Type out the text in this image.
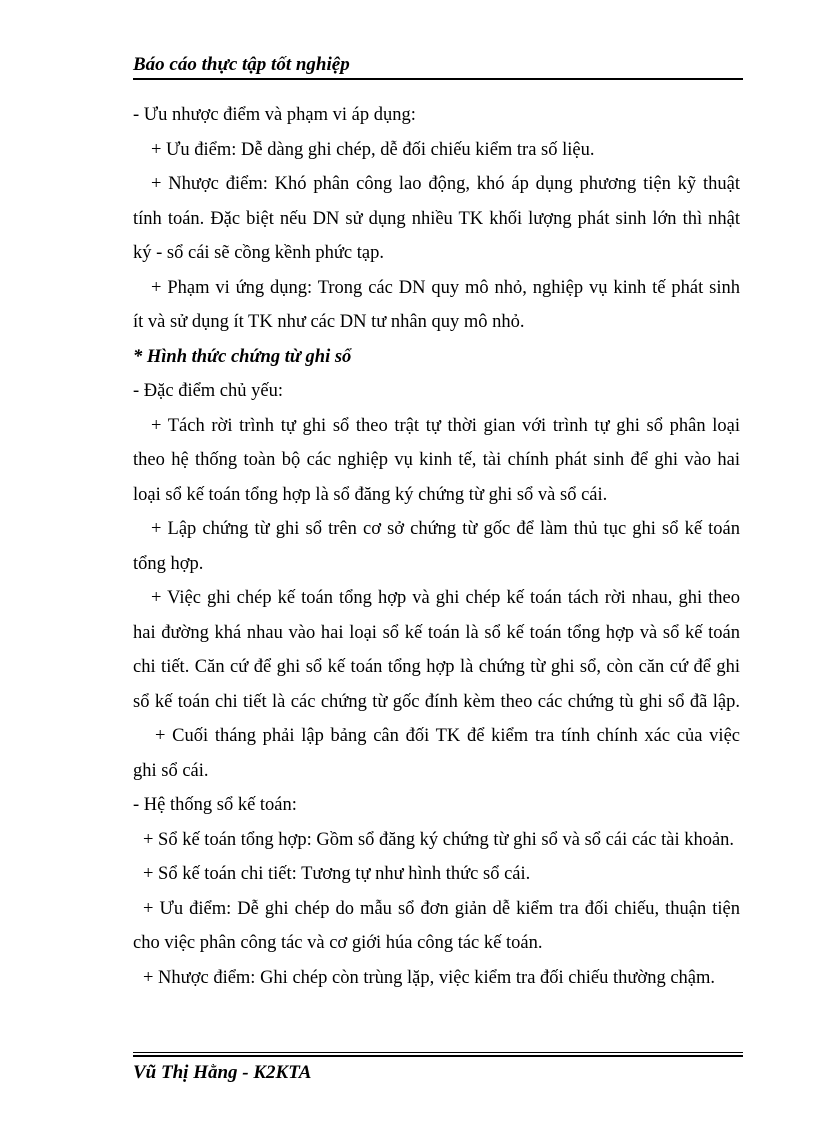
Báo cáo thực tập tốt nghiệp
- Ưu nhược điểm và phạm vi áp dụng:
+ Ưu điểm: Dễ dàng ghi chép, dễ đối chiếu kiểm tra số liệu.
+ Nhược điểm: Khó phân công lao động, khó áp dụng phương tiện kỹ thuật
tính toán. Đặc biệt nếu DN sử dụng nhiều TK khối lượng phát sinh lớn thì nhật
ký - sổ cái sẽ cồng kềnh phức tạp.
+ Phạm vi ứng dụng: Trong các DN quy mô nhỏ, nghiệp vụ kinh tế phát sinh
ít và sử dụng ít TK như các DN tư nhân quy mô nhỏ.
* Hình thức chứng từ ghi sổ
- Đặc điểm chủ yếu:
+ Tách rời trình tự ghi sổ theo trật tự thời gian với trình tự ghi sổ phân loại
theo hệ thống toàn bộ các nghiệp vụ kinh tế, tài chính phát sinh để ghi vào hai
loại sổ kế toán tổng hợp là sổ đăng ký chứng từ ghi sổ và sổ cái.
+ Lập chứng từ ghi sổ trên cơ sở chứng từ gốc để làm thủ tục ghi sổ kế toán
tổng hợp.
+ Việc ghi chép kế toán tổng hợp và ghi chép kế toán tách rời nhau, ghi theo
hai đường khá nhau vào hai loại sổ kế toán là sổ kế toán tổng hợp và sổ kế toán
chi tiết. Căn cứ để ghi sổ kế toán tổng hợp là chứng từ ghi sổ, còn căn cứ để ghi
sổ kế toán chi tiết là các chứng từ gốc đính kèm theo các chứng tù ghi sổ đã lập.
+ Cuối tháng phải lập bảng cân đối TK để kiểm tra tính chính xác của việc
ghi sổ cái.
- Hệ thống sổ kế toán:
+ Sổ kế toán tổng hợp: Gồm sổ đăng ký chứng từ ghi sổ và sổ cái các tài khoản.
+ Sổ kế toán chi tiết: Tương tự như hình thức sổ cái.
+ Ưu điểm: Dễ ghi chép do mẫu sổ đơn giản dễ kiểm tra đối chiếu, thuận tiện
cho việc phân công tác và cơ giới húa công tác kế toán.
+ Nhược điểm: Ghi chép còn trùng lặp, việc kiểm tra đối chiếu thường chậm.
Vũ Thị Hằng - K2KTA
